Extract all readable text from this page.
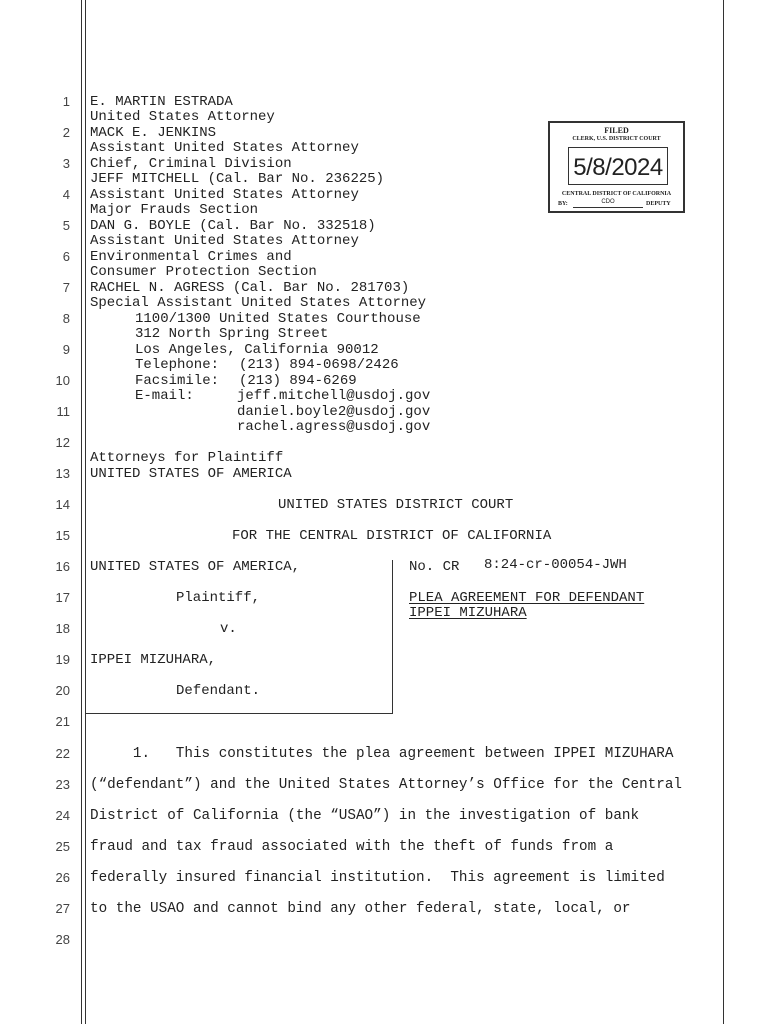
1
2
3
4
5
6
7
8
9
10
11
12
13
14
15
16
17
18
19
20
21
22
23
24
25
26
27
28
E. MARTIN ESTRADA
United States Attorney
MACK E. JENKINS
Assistant United States Attorney
Chief, Criminal Division
JEFF MITCHELL (Cal. Bar No. 236225)
Assistant United States Attorney
Major Frauds Section
DAN G. BOYLE (Cal. Bar No. 332518)
Assistant United States Attorney
Environmental Crimes and
Consumer Protection Section
RACHEL N. AGRESS (Cal. Bar No. 281703)
Special Assistant United States Attorney
1100/1300 United States Courthouse
312 North Spring Street
Los Angeles, California 90012
Telephone: (213) 894-0698/2426
Facsimile: (213) 894-6269
E-mail:	jeff.mitchell@usdoj.gov
daniel.boyle2@usdoj.gov
rachel.agress@usdoj.gov
Attorneys for Plaintiff
UNITED STATES OF AMERICA
UNITED STATES DISTRICT COURT
FOR THE CENTRAL DISTRICT OF CALIFORNIA
UNITED STATES OF AMERICA,
Plaintiff,
v.
IPPEI MIZUHARA,
Defendant.
No. CR 8:24-cr-00054-JWH
PLEA AGREEMENT FOR DEFENDANT
IPPEI MIZUHARA
1.   This constitutes the plea agreement between IPPEI MIZUHARA
(“defendant”) and the United States Attorney’s Office for the Central
District of California (the “USAO”) in the investigation of bank
fraud and tax fraud associated with the theft of funds from a
federally insured financial institution.  This agreement is limited
to the USAO and cannot bind any other federal, state, local, or
FILED
CLERK, U.S. DISTRICT COURT
5/8/2024
CENTRAL DISTRICT OF CALIFORNIA
BY:	CDO	DEPUTY
